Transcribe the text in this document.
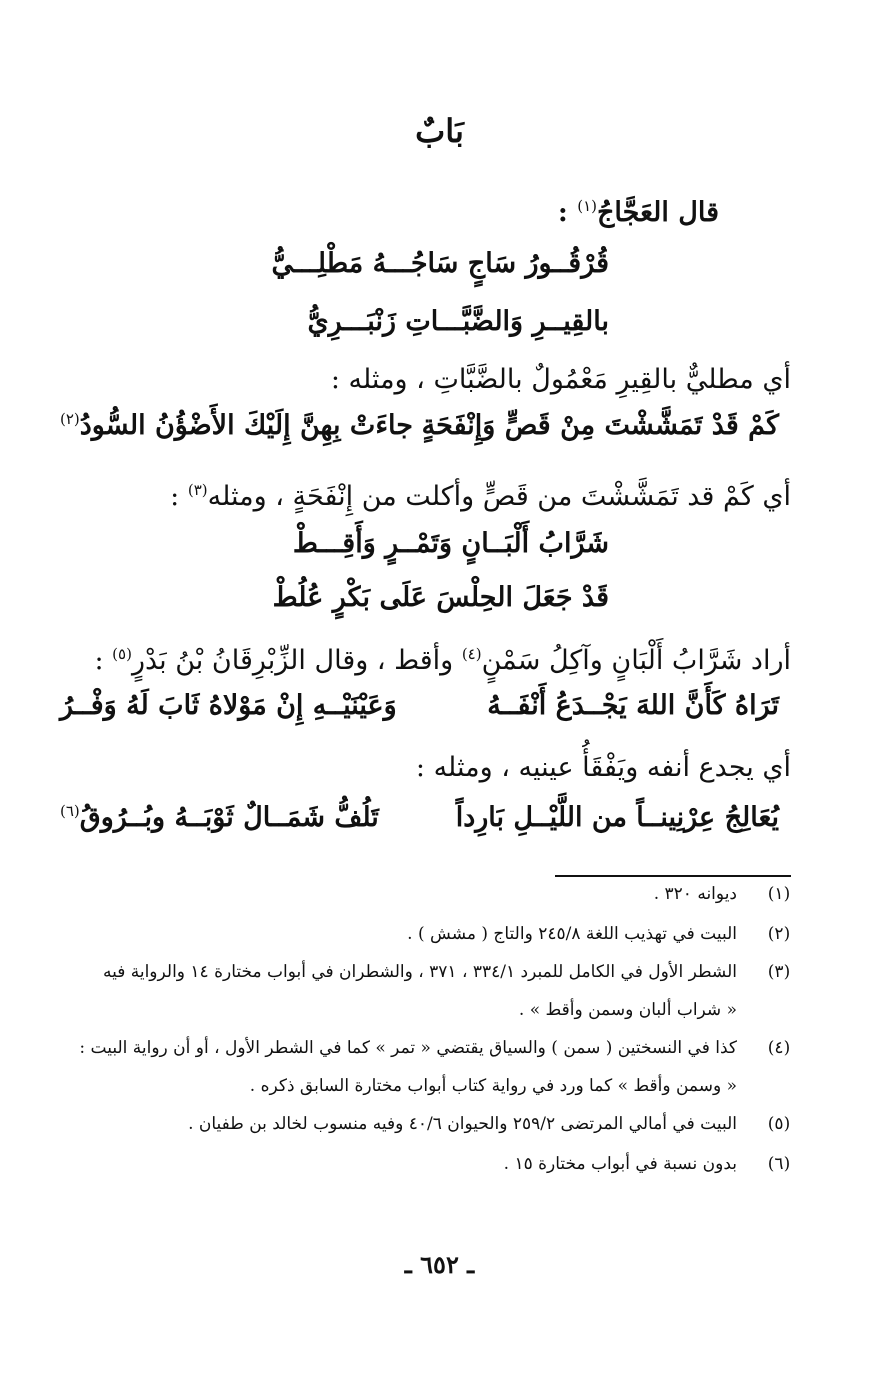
بَابٌ
قال العَجَّاجُ$^{(١)}$ :
قُرْقُــورُ سَاجٍ سَاجُـــهُ مَطْلِـــيُّ
بالقِيــرِ وَالضَّبَّـــاتِ زَنْبَـــرِيُّ
أي مطليٌّ بالقِيرِ مَعْمُولٌ بالضَّبَّاتِ ، ومثله :
كَمْ قَدْ تَمَشَّشْتَ مِنْ قَصٍّ وَإِنْفَحَةٍ
جاءَتْ بِهِنَّ إِلَيْكَ الأَضْؤُنُ السُّودُ$^{(٢)}$
أي كَمْ قد تَمَشَّشْتَ من قَصٍّ وأكلت من إِنْفَحَةٍ ، ومثله$^{(٣)}$ :
شَرَّابُ أَلْبَــانٍ وَتَمْــرٍ وَأَقِـــطْ
قَدْ جَعَلَ الحِلْسَ عَلَى بَكْرٍ عُلُطْ
أراد شَرَّابُ أَلْبَانٍ وآكِلُ سَمْنٍ$^{(٤)}$ وأقط ، وقال الزِّبْرِقَانُ بْنُ بَدْرٍ$^{(٥)}$ :
تَرَاهُ كَأَنَّ اللهَ يَجْــدَعُ أَنْفَــهُ
وَعَيْنَيْــهِ إِنْ مَوْلاهُ ثَابَ لَهُ وَفْــرُ
أي يجدع أنفه ويَفْقَأُ عينيه ، ومثله :
يُعَالِجُ عِرْنِينــاً من اللَّيْــلِ بَارِداً
تَلُفُّ شَمَــالٌ ثَوْبَــهُ وبُــرُوقُ$^{(٦)}$
(١)
ديوانه ٣٢٠ .
(٢)
البيت في تهذيب اللغة ٢٤٥/٨ والتاج ( مشش ) .
(٣)
الشطر الأول في الكامل للمبرد ٣٣٤/١ ، ٣٧١ ، والشطران في أبواب مختارة ١٤ والرواية فيه
« شراب ألبان وسمن وأقط » .
(٤)
كذا في النسختين ( سمن ) والسياق يقتضي « تمر » كما في الشطر الأول ، أو أن رواية البيت :
« وسمن وأقط » كما ورد في رواية كتاب أبواب مختارة السابق ذكره .
(٥)
البيت في أمالي المرتضى ٢٥٩/٢ والحيوان ٤٠/٦ وفيه منسوب لخالد بن طفيان .
(٦)
بدون نسبة في أبواب مختارة ١٥ .
ـ ٦٥٢ ـ
